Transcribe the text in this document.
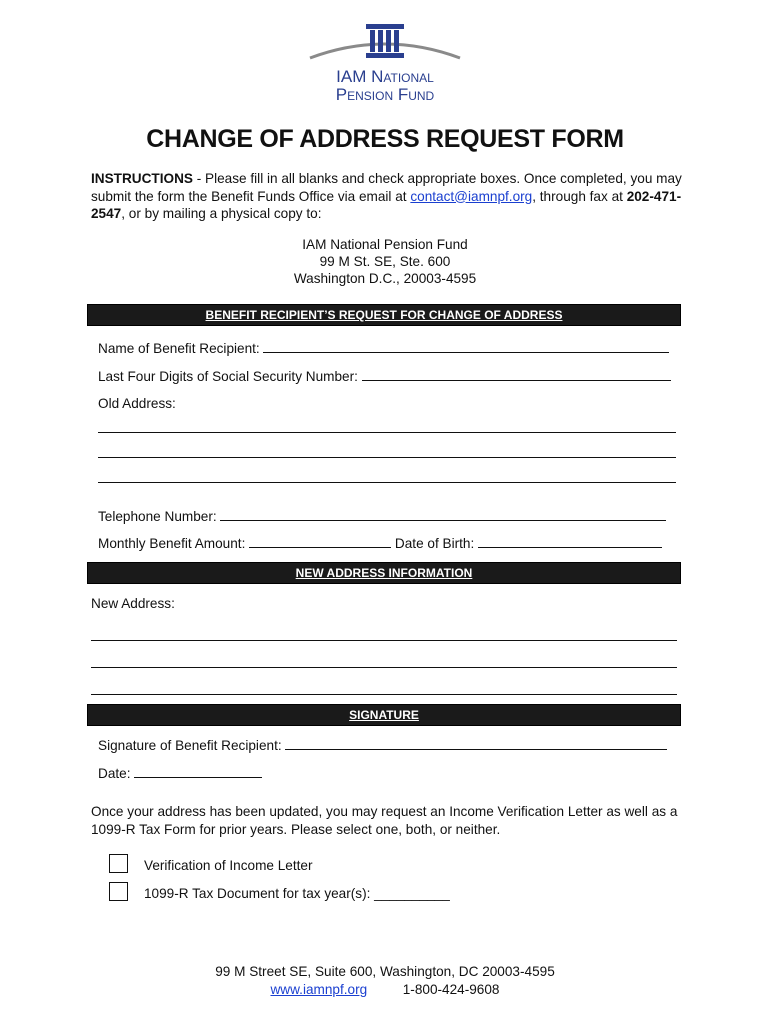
IAM National
Pension Fund
CHANGE OF ADDRESS REQUEST FORM
INSTRUCTIONS - Please fill in all blanks and check appropriate boxes. Once completed, you may submit the form the Benefit Funds Office via email at contact@iamnpf.org, through fax at 202-471-2547, or by mailing a physical copy to:
IAM National Pension Fund
99 M St. SE, Ste. 600
Washington D.C., 20003-4595
BENEFIT RECIPIENT’S REQUEST FOR CHANGE OF ADDRESS
Name of Benefit Recipient:
Last Four Digits of Social Security Number:
Old Address:
Telephone Number:
Monthly Benefit Amount:	Date of Birth:
NEW ADDRESS INFORMATION
New Address:
SIGNATURE
Signature of Benefit Recipient:
Date:
Once your address has been updated, you may request an Income Verification Letter as well as a 1099-R Tax Form for prior years. Please select one, both, or neither.
Verification of Income Letter
1099-R Tax Document for tax year(s): __________
99 M Street SE, Suite 600, Washington, DC 20003-4595
www.iamnpf.org	1-800-424-9608
